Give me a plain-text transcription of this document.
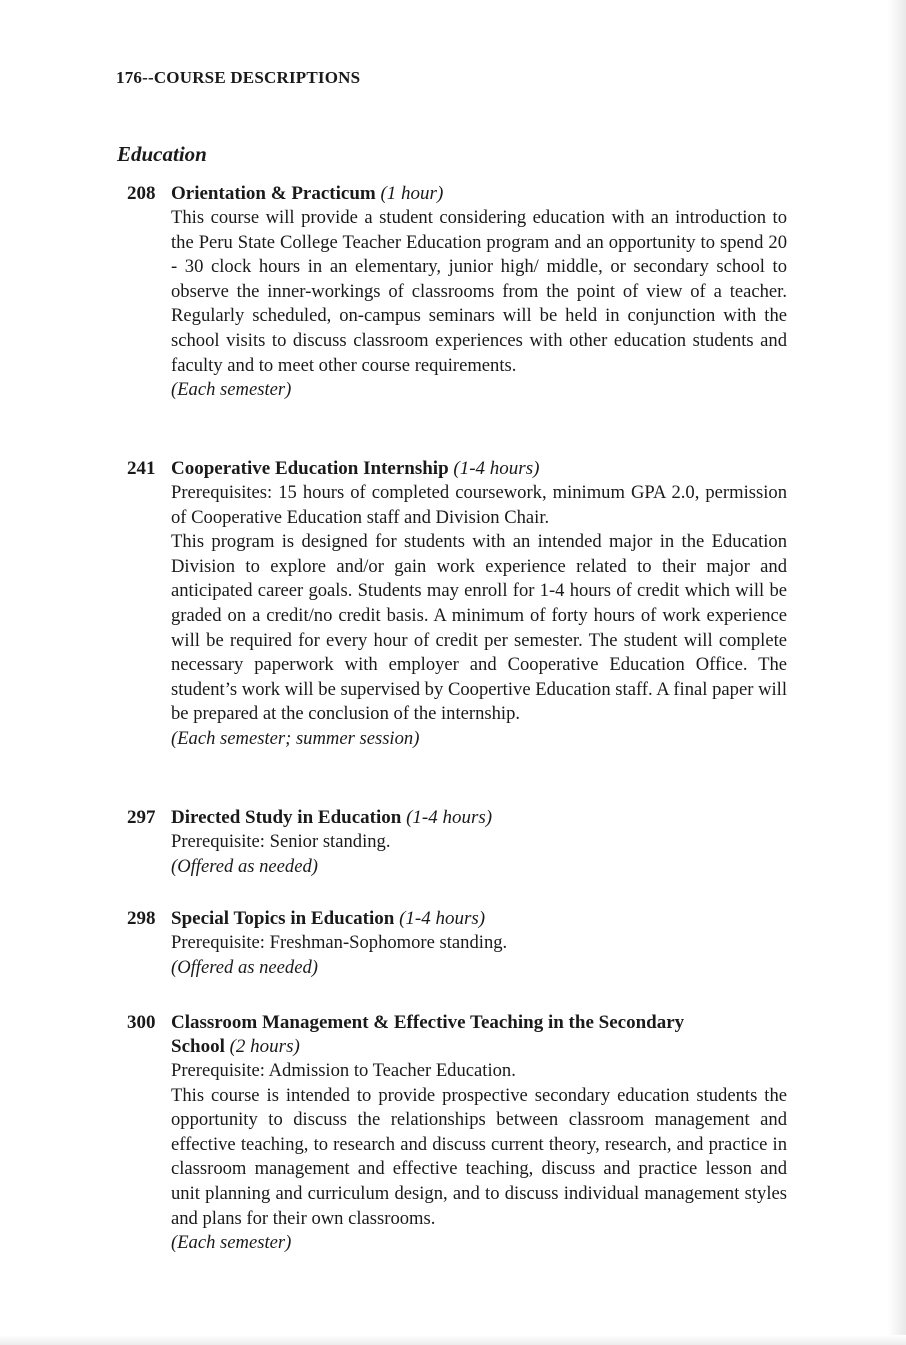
176--COURSE DESCRIPTIONS
Education
208 Orientation & Practicum (1 hour)

This course will provide a student considering education with an introduction to the Peru State College Teacher Education program and an opportunity to spend 20 - 30 clock hours in an elementary, junior high/ middle, or secondary school to observe the inner-workings of classrooms from the point of view of a teacher. Regularly scheduled, on-campus seminars will be held in conjunction with the school visits to discuss classroom experiences with other education students and faculty and to meet other course requirements.

(Each semester)

241 Cooperative Education Internship (1-4 hours)

Prerequisites: 15 hours of completed coursework, minimum GPA 2.0, permission of Cooperative Education staff and Division Chair.

This program is designed for students with an intended major in the Education Division to explore and/or gain work experience related to their major and anticipated career goals. Students may enroll for 1-4 hours of credit which will be graded on a credit/no credit basis. A minimum of forty hours of work experience will be required for every hour of credit per semester. The student will complete necessary paperwork with employer and Cooperative Education Office. The student’s work will be supervised by Coopertive Education staff. A final paper will be prepared at the conclusion of the internship.

(Each semester; summer session)

297 Directed Study in Education (1-4 hours)

Prerequisite: Senior standing.

(Offered as needed)

298 Special Topics in Education (1-4 hours)

Prerequisite: Freshman-Sophomore standing.

(Offered as needed)

300 Classroom Management & Effective Teaching in the Secondary
School (2 hours)

Prerequisite: Admission to Teacher Education.

This course is intended to provide prospective secondary education students the opportunity to discuss the relationships between classroom management and effective teaching, to research and discuss current theory, research, and practice in classroom management and effective teaching, discuss and practice lesson and unit planning and curriculum design, and to discuss individual management styles and plans for their own classrooms.

(Each semester)
